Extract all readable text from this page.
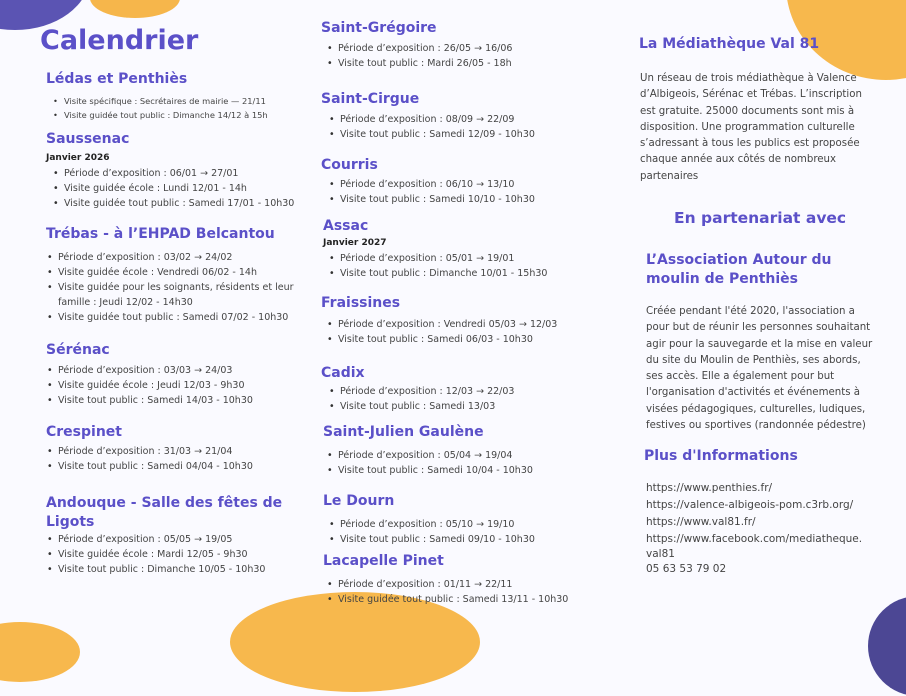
Calendrier
Lédas et Penthiès
• Visite spécifique : Secrétaires de mairie — 21/11
• Visite guidée tout public : Dimanche 14/12 à 15h
Saussenac
Janvier 2026
• Période d’exposition : 06/01 → 27/01
• Visite guidée école : Lundi 12/01 - 14h
• Visite guidée tout public : Samedi 17/01 - 10h30
Trébas - à l’EHPAD Belcantou
• Période d’exposition : 03/02 → 24/02
• Visite guidée école : Vendredi 06/02 - 14h
• Visite guidée pour les soignants, résidents et leur famille : Jeudi 12/02 - 14h30
• Visite guidée tout public : Samedi 07/02 - 10h30
Sérénac
• Période d’exposition : 03/03 → 24/03
• Visite guidée école : Jeudi 12/03 - 9h30
• Visite tout public : Samedi 14/03 - 10h30
Crespinet
• Période d’exposition : 31/03 → 21/04
• Visite tout public : Samedi 04/04 - 10h30
Andouque - Salle des fêtes de Ligots
• Période d’exposition : 05/05 → 19/05
• Visite guidée école : Mardi 12/05 - 9h30
• Visite tout public : Dimanche 10/05 - 10h30
Saint-Grégoire
• Période d’exposition : 26/05 → 16/06
• Visite tout public : Mardi 26/05 - 18h
Saint-Cirgue
• Période d’exposition : 08/09 → 22/09
• Visite tout public : Samedi 12/09 - 10h30
Courris
• Période d’exposition : 06/10 → 13/10
• Visite tout public : Samedi 10/10 - 10h30
Assac
Janvier 2027
• Période d’exposition : 05/01 → 19/01
• Visite tout public : Dimanche 10/01 - 15h30
Fraissines
• Période d’exposition : Vendredi 05/03 → 12/03
• Visite tout public : Samedi 06/03 - 10h30
Cadix
• Période d’exposition : 12/03 → 22/03
• Visite tout public : Samedi 13/03
Saint-Julien Gaulène
• Période d’exposition : 05/04 → 19/04
• Visite tout public : Samedi 10/04 - 10h30
Le Dourn
• Période d’exposition : 05/10 → 19/10
• Visite tout public : Samedi 09/10 - 10h30
Lacapelle Pinet
• Période d’exposition : 01/11 → 22/11
• Visite guidée tout public : Samedi 13/11 - 10h30
La Médiathèque Val 81
Un réseau de trois médiathèque à Valence d’Albigeois, Sérénac et Trébas. L’inscription est gratuite. 25000 documents sont mis à disposition. Une programmation culturelle s’adressant à tous les publics est proposée chaque année aux côtés de nombreux partenaires
En partenariat avec
L’Association Autour du moulin de Penthiès
Créée pendant l'été 2020, l'association a pour but de réunir les personnes souhaitant agir pour la sauvegarde et la mise en valeur du site du Moulin de Penthiès, ses abords, ses accès. Elle a également pour but l'organisation d'activités et événements à visées pédagogiques, culturelles, ludiques, festives ou sportives (randonnée pédestre)
Plus d'Informations
https://www.penthies.fr/
https://valence-albigeois-pom.c3rb.org/
https://www.val81.fr/
https://www.facebook.com/mediatheque.
val81
05 63 53 79 02
